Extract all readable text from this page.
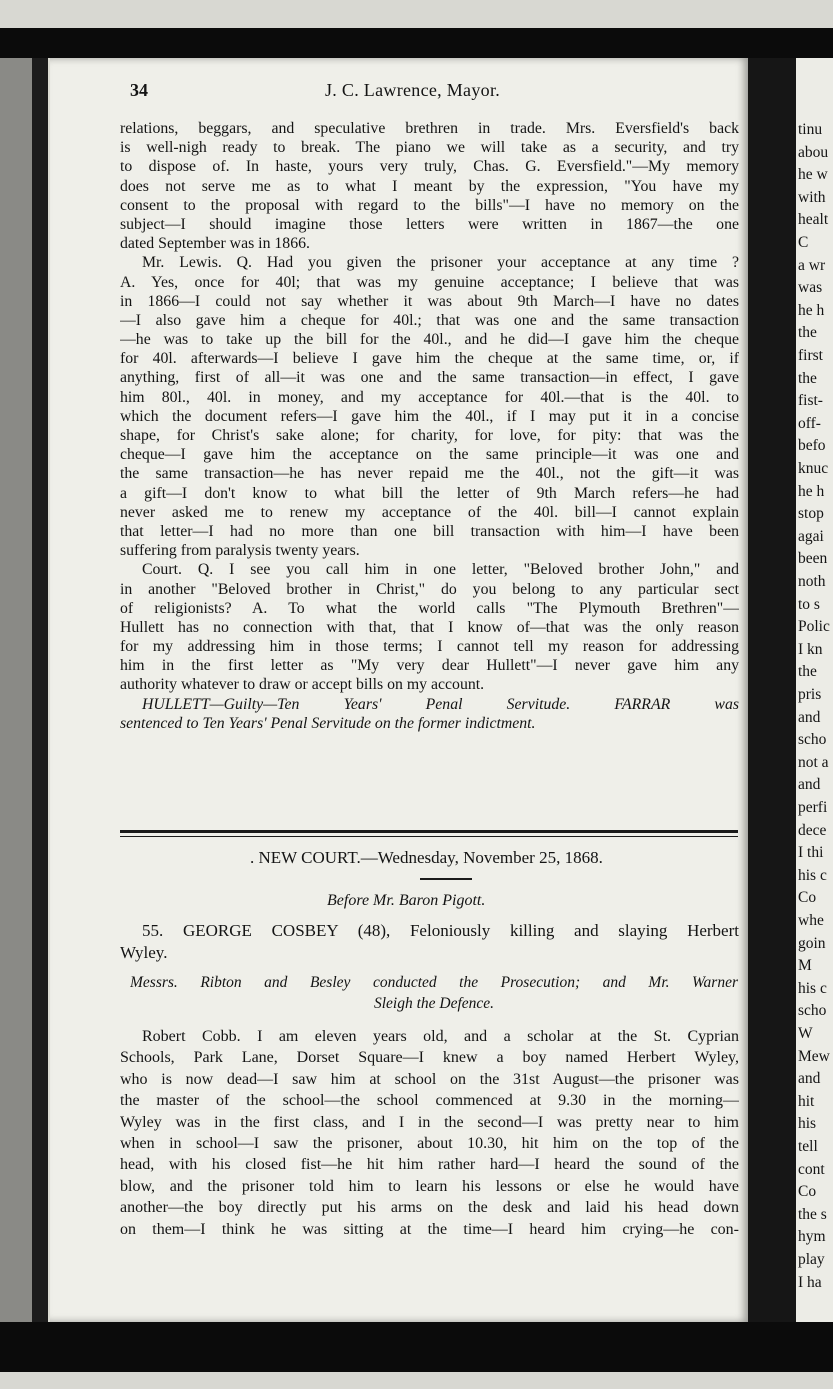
tinu
abou
he w
with
healt
C
a wr
was
he h
the
first
the
fist-
off-
befo
knuc
he h
stop
agai
been
noth
to s
Polic
I kn
the
pris
and
scho
not a
and
perfi
dece
I thi
his c
Co
whe
goin
M
his c
scho
W
Mew
and
hit
his
tell
cont
Co
the s
hym
play
I ha
34	J. C. Lawrence, Mayor.
relations, beggars, and speculative brethren in trade. Mrs. Eversfield's back
is well-nigh ready to break. The piano we will take as a security, and try
to dispose of. In haste, yours very truly, Chas. G. Eversfield."—My memory
does not serve me as to what I meant by the expression, "You have my
consent to the proposal with regard to the bills"—I have no memory on the
subject—I should imagine those letters were written in 1867—the one
dated September was in 1866.
Mr. Lewis. Q. Had you given the prisoner your acceptance at any time ?
A. Yes, once for 40l; that was my genuine acceptance; I believe that was
in 1866—I could not say whether it was about 9th March—I have no dates
—I also gave him a cheque for 40l.; that was one and the same transaction
—he was to take up the bill for the 40l., and he did—I gave him the cheque
for 40l. afterwards—I believe I gave him the cheque at the same time, or, if
anything, first of all—it was one and the same transaction—in effect, I gave
him 80l., 40l. in money, and my acceptance for 40l.—that is the 40l. to
which the document refers—I gave him the 40l., if I may put it in a concise
shape, for Christ's sake alone; for charity, for love, for pity: that was the
cheque—I gave him the acceptance on the same principle—it was one and
the same transaction—he has never repaid me the 40l., not the gift—it was
a gift—I don't know to what bill the letter of 9th March refers—he had
never asked me to renew my acceptance of the 40l. bill—I cannot explain
that letter—I had no more than one bill transaction with him—I have been
suffering from paralysis twenty years.
Court. Q. I see you call him in one letter, "Beloved brother John," and
in another "Beloved brother in Christ," do you belong to any particular sect
of religionists? A. To what the world calls "The Plymouth Brethren"—
Hullett has no connection with that, that I know of—that was the only reason
for my addressing him in those terms; I cannot tell my reason for addressing
him in the first letter as "My very dear Hullett"—I never gave him any
authority whatever to draw or accept bills on my account.
HULLETT—Guilty—Ten Years' Penal Servitude. FARRAR was
sentenced to Ten Years' Penal Servitude on the former indictment.
. NEW COURT.—Wednesday, November 25, 1868.
Before Mr. Baron Pigott.
55. GEORGE COSBEY (48), Feloniously killing and slaying Herbert
Wyley.
Messrs. Ribton and Besley conducted the Prosecution; and Mr. Warner
Sleigh the Defence.
Robert Cobb. I am eleven years old, and a scholar at the St. Cyprian
Schools, Park Lane, Dorset Square—I knew a boy named Herbert Wyley,
who is now dead—I saw him at school on the 31st August—the prisoner was
the master of the school—the school commenced at 9.30 in the morning—
Wyley was in the first class, and I in the second—I was pretty near to him
when in school—I saw the prisoner, about 10.30, hit him on the top of the
head, with his closed fist—he hit him rather hard—I heard the sound of the
blow, and the prisoner told him to learn his lessons or else he would have
another—the boy directly put his arms on the desk and laid his head down
on them—I think he was sitting at the time—I heard him crying—he con-
